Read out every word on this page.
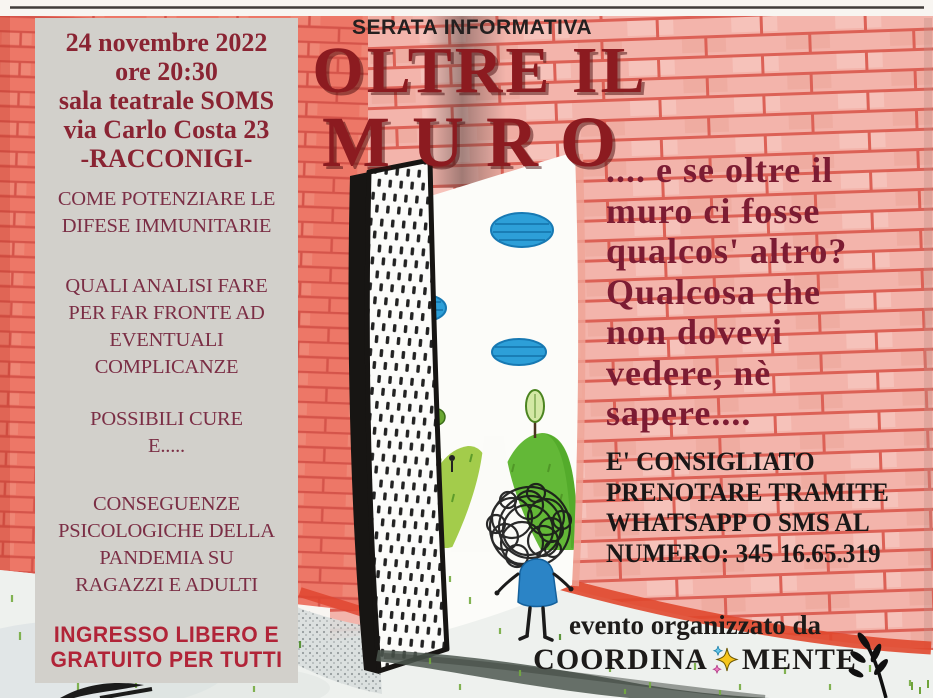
24 novembre 2022
ore 20:30
sala teatrale SOMS
via Carlo Costa 23
-RACCONIGI-
COME POTENZIARE LE
DIFESE IMMUNITARIE
QUALI ANALISI FARE
PER FAR FRONTE AD
EVENTUALI
COMPLICANZE
POSSIBILI CURE
E.....
CONSEGUENZE
PSICOLOGICHE DELLA
PANDEMIA SU
RAGAZZI E ADULTI
INGRESSO LIBERO E
GRATUITO PER TUTTI
SERATA INFORMATIVA
OLTRE IL
MURO
.... e se oltre il
muro ci fosse
qualcos' altro?
Qualcosa che
non dovevi
vedere, nè
sapere....
E' CONSIGLIATO
PRENOTARE TRAMITE
WHATSAPP O SMS AL
NUMERO: 345 16.65.319
evento organizzato da
COORDINA MENTE
